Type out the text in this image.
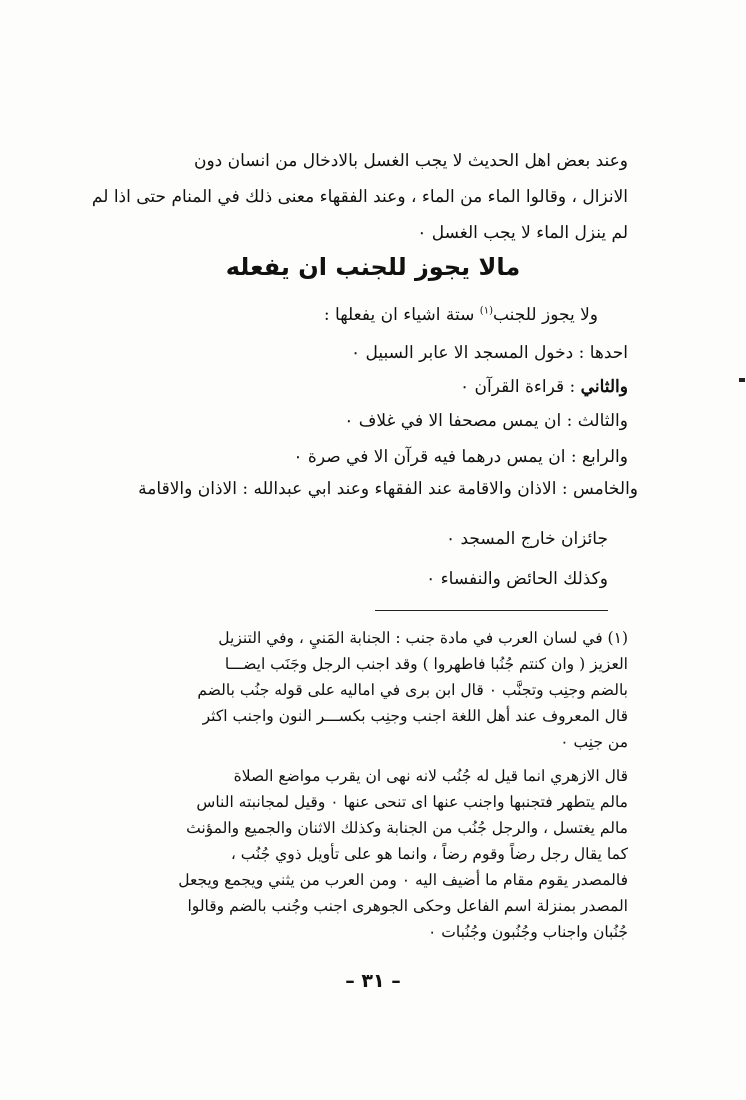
وعند بعض اهل الحديث لا يجب الغسل بالادخال من انسان دون
الانزال ، وقالوا الماء من الماء ، وعند الفقهاء معنى ذلك في المنام حتى اذا لم
لم ينزل الماء لا يجب الغسل ٠
مالا يجوز للجنب ان يفعله
ولا يجوز للجنب$^{(١)}$ ستة اشياء ان يفعلها :
احدها : دخول المسجد الا عابر السبيل ٠
والثاني : قراءة القرآن ٠
والثالث : ان يمس مصحفا الا في غلاف ٠
والرابع : ان يمس درهما فيه قرآن الا في صرة ٠
والخامس : الاذان والاقامة عند الفقهاء وعند ابي عبدالله : الاذان والاقامة
جائزان خارج المسجد ٠
وكذلك الحائض والنفساء ٠
(١) في لسان العرب في مادة جنب : الجنابة المَنيِ ، وفي التنزيل
العزيز ( وان كنتم جُنُبا فاطهروا ) وقد اجنب الرجل وجَنَب ايضـــا
بالضم وجنِب وتجنَّب ٠ قال ابن برى في اماليه على قوله جنُب بالضم
قال المعروف عند أهل اللغة اجنب وجنِب بكســـر النون واجنب اكثر
من جنِب ٠
قال الازهري انما قيل له جُنُب لانه نهى ان يقرب مواضع الصلاة
مالم يتطهر فتجنبها واجنب عنها اى تنحى عنها ٠ وقيل لمجانبته الناس
مالم يغتسل ، والرجل جُنُب من الجنابة وكذلك الاثنان والجميع والمؤنث
كما يقال رجل رضاً وقوم رضاً ، وانما هو على تأويل ذوي جُنُب ،
فالمصدر يقوم مقام ما أضيف اليه ٠ ومن العرب من يثني ويجمع ويجعل
المصدر بمنزلة اسم الفاعل وحكى الجوهرى اجنب وجُنب بالضم وقالوا
جُنُبان واجناب وجُنُبون وجُنُبات ٠
– ٣١ –
